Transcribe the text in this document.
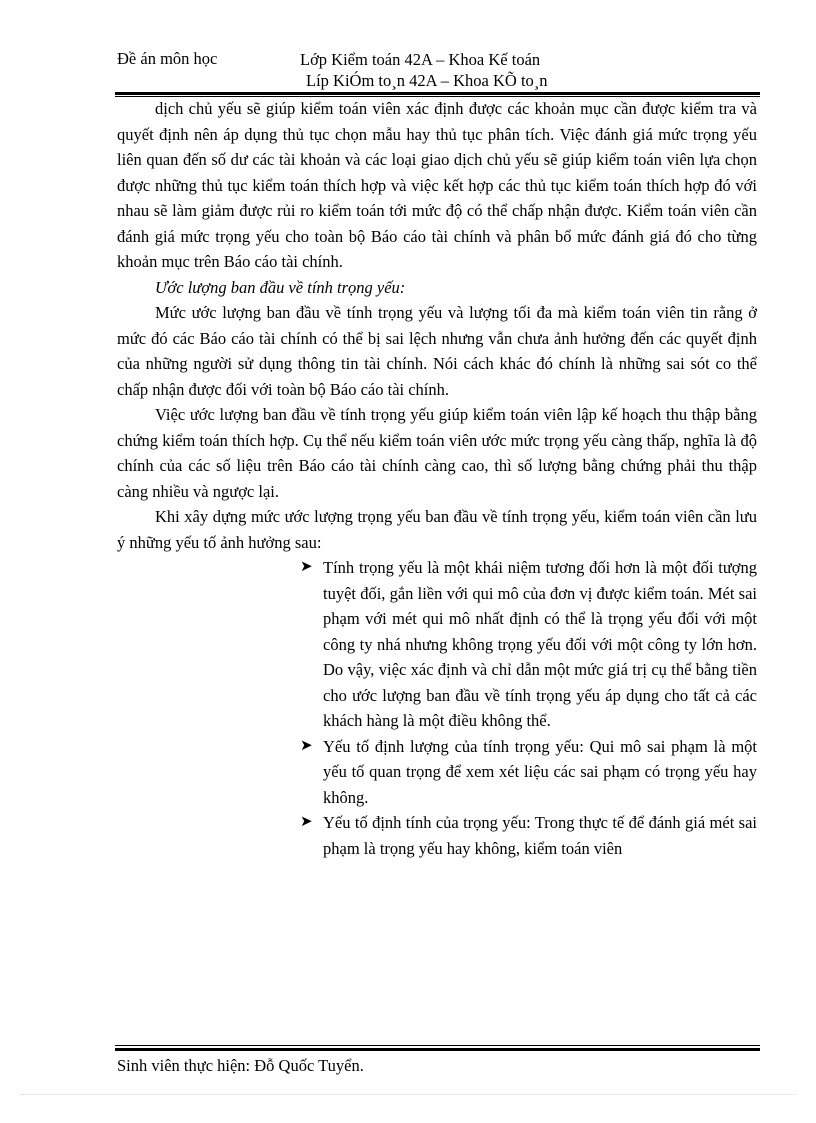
Đề án môn học	Lớp Kiểm toán 42A – Khoa Kế toán
Líp KiÓm to¸n 42A – Khoa KÕ to¸n

dịch chủ yếu sẽ giúp kiểm toán viên xác định được các khoản mục cần được kiểm tra và quyết định nên áp dụng thủ tục chọn mẫu hay thủ tục phân tích. Việc đánh giá mức trọng yếu liên quan đến số dư các tài khoản và các loại giao dịch chủ yếu sẽ giúp kiểm toán viên lựa chọn được những thủ tục kiểm toán thích hợp và việc kết hợp các thủ tục kiểm toán thích hợp đó với nhau sẽ làm giảm được rủi ro kiểm toán tới mức độ có thể chấp nhận được. Kiểm toán viên cần đánh giá mức trọng yếu cho toàn bộ Báo cáo tài chính và phân bổ mức đánh giá đó cho từng khoản mục trên Báo cáo tài chính.

Ước lượng ban đầu về tính trọng yếu:

Mức ước lượng ban đầu về tính trọng yếu và lượng tối đa mà kiểm toán viên tin rằng ở mức đó các Báo cáo tài chính có thể bị sai lệch nhưng vẫn chưa ảnh hưởng đến các quyết định của những người sử dụng thông tin tài chính. Nói cách khác đó chính là những sai sót co thể chấp nhận được đối với toàn bộ Báo cáo tài chính.

Việc ước lượng ban đầu về tính trọng yếu giúp kiểm toán viên lập kế hoạch thu thập bằng chứng kiểm toán thích hợp. Cụ thể nếu kiểm toán viên ước mức trọng yếu càng thấp, nghĩa là độ chính của các số liệu trên Báo cáo tài chính càng cao, thì số lượng bằng chứng phải thu thập càng nhiều và ngược lại.

Khi xây dựng mức ước lượng trọng yếu ban đầu về tính trọng yếu, kiểm toán viên cần lưu ý những yếu tố ảnh hưởng sau:

➤ Tính trọng yếu là một khái niệm tương đối hơn là một đối tượng tuyệt đối, gắn liền với qui mô của đơn vị được kiểm toán. Mét sai phạm với mét qui mô nhất định có thể là trọng yếu đối với một công ty nhá nhưng không trọng yếu đối với một công ty lớn hơn. Do vậy, việc xác định và chỉ dẫn một mức giá trị cụ thể bằng tiền cho ước lượng ban đầu về tính trọng yếu áp dụng cho tất cả các khách hàng là một điều không thể.
➤ Yếu tố định lượng của tính trọng yếu: Qui mô sai phạm là một yếu tố quan trọng để xem xét liệu các sai phạm có trọng yếu hay không.
➤ Yếu tố định tính của trọng yếu: Trong thực tế để đánh giá mét sai phạm là trọng yếu hay không, kiểm toán viên
Sinh viên thực hiện: Đỗ Quốc Tuyển.
